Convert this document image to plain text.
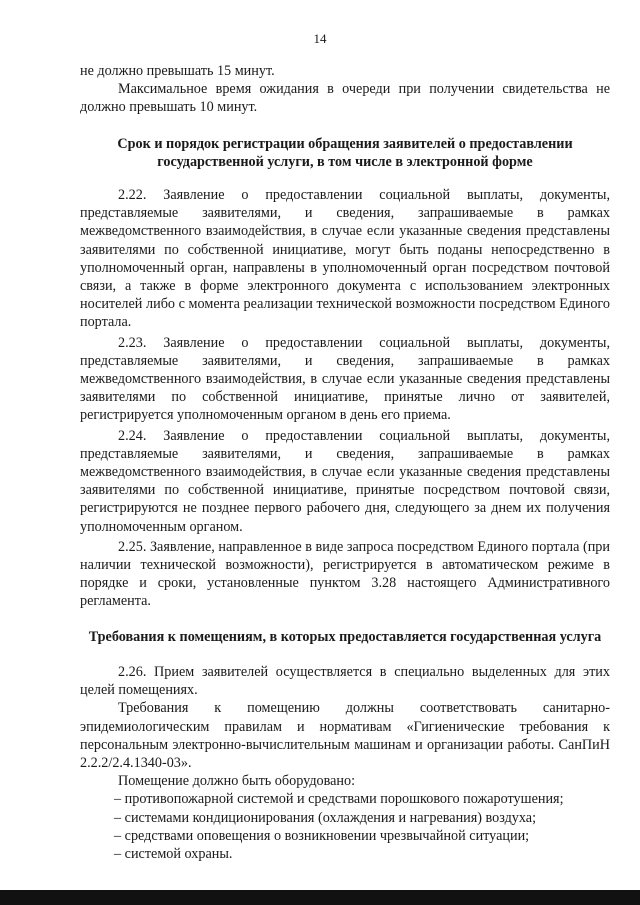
14

не должно превышать 15 минут.

Максимальное время ожидания в очереди при получении свидетельства не должно превышать 10 минут.

Срок и порядок регистрации обращения заявителей о предоставлении государственной услуги, в том числе в электронной форме

2.22. Заявление о предоставлении социальной выплаты, документы, представляемые заявителями, и сведения, запрашиваемые в рамках межведомственного взаимодействия, в случае если указанные сведения представлены заявителями по собственной инициативе, могут быть поданы непосредственно в уполномоченный орган, направлены в уполномоченный орган посредством почтовой связи, а также в форме электронного документа с использованием электронных носителей либо с момента реализации технической возможности посредством Единого портала.

2.23. Заявление о предоставлении социальной выплаты, документы, представляемые заявителями, и сведения, запрашиваемые в рамках межведомственного взаимодействия, в случае если указанные сведения представлены заявителями по собственной инициативе, принятые лично от заявителей, регистрируется уполномоченным органом в день его приема.

2.24. Заявление о предоставлении социальной выплаты, документы, представляемые заявителями, и сведения, запрашиваемые в рамках межведомственного взаимодействия, в случае если указанные сведения представлены заявителями по собственной инициативе, принятые посредством почтовой связи, регистрируются не позднее первого рабочего дня, следующего за днем их получения уполномоченным органом.

2.25. Заявление, направленное в виде запроса посредством Единого портала (при наличии технической возможности), регистрируется в автоматическом режиме в порядке и сроки, установленные пунктом 3.28 настоящего Административного регламента.

Требования к помещениям, в которых предоставляется государственная услуга

2.26. Прием заявителей осуществляется в специально выделенных для этих целей помещениях.

Требования к помещению должны соответствовать санитарно-эпидемиологическим правилам и нормативам «Гигиенические требования к персональным электронно-вычислительным машинам и организации работы. СанПиН 2.2.2/2.4.1340-03».

Помещение должно быть оборудовано:

– противопожарной системой и средствами порошкового пожаротушения;
– системами кондиционирования (охлаждения и нагревания) воздуха;
– средствами оповещения о возникновении чрезвычайной ситуации;
– системой охраны.
